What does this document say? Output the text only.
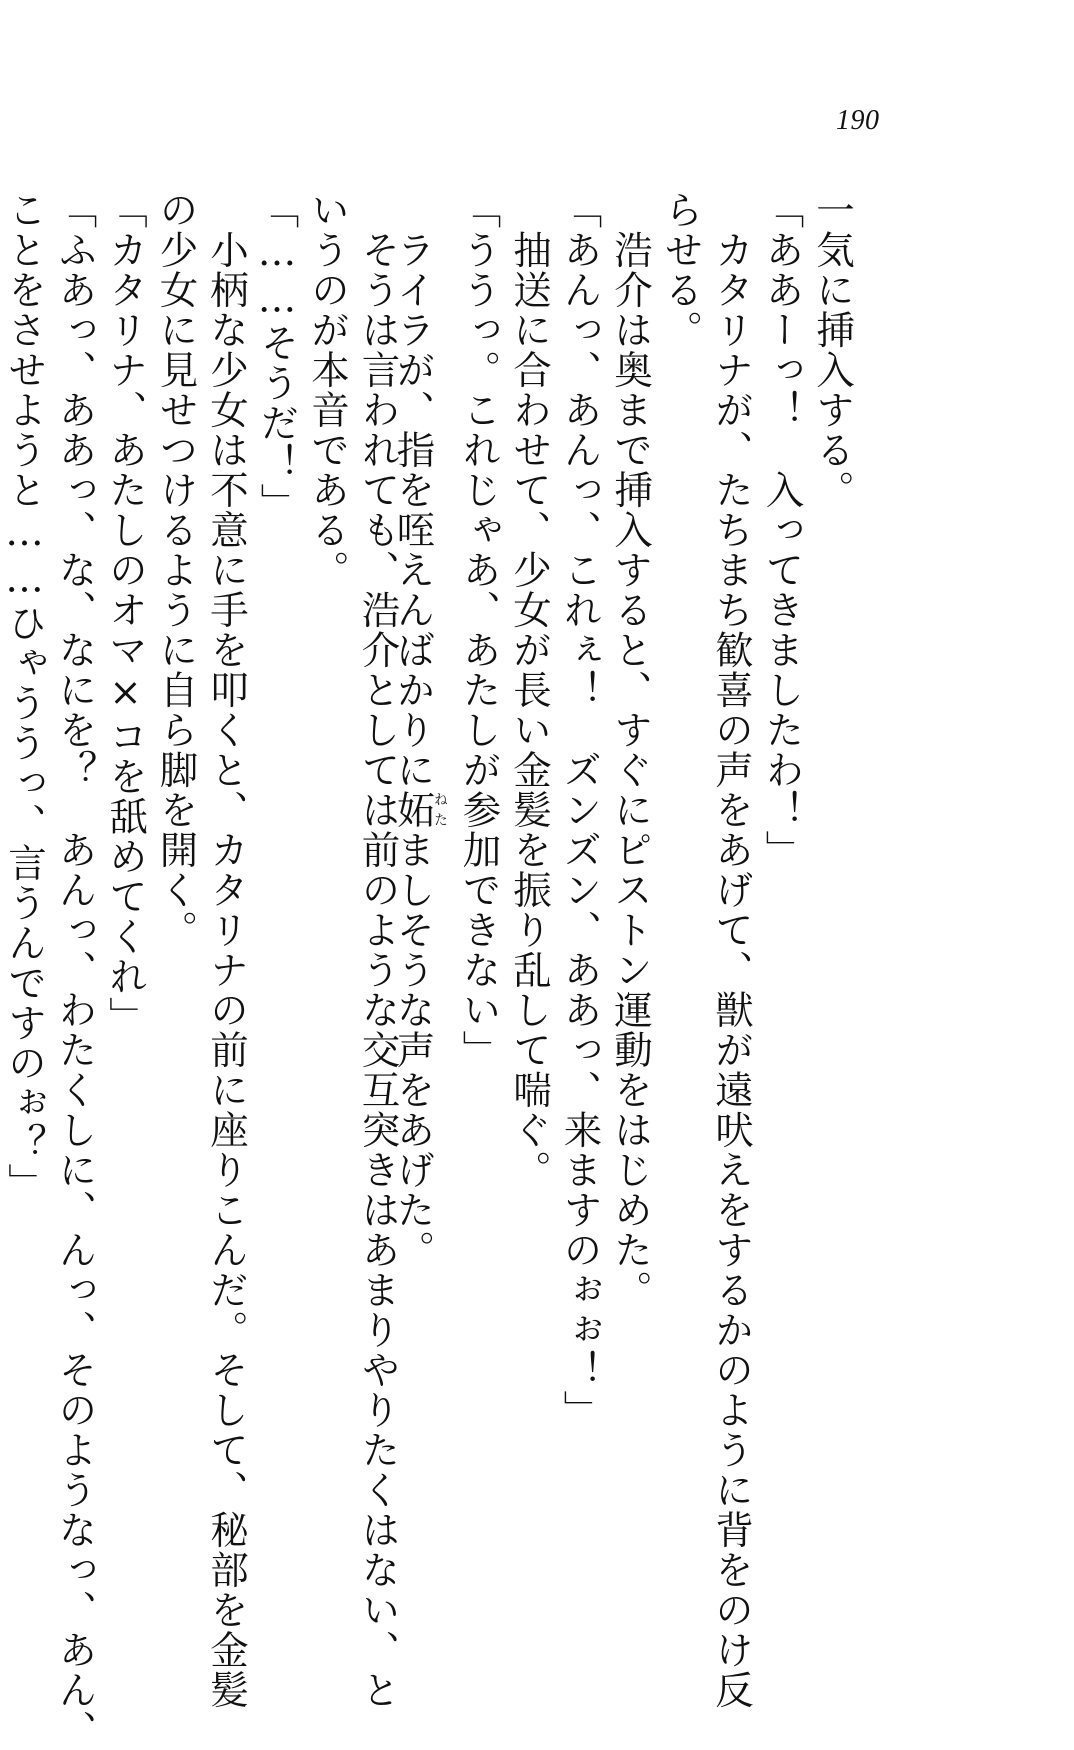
190
一気に挿入する。
「ああーっ！　入ってきましたわ！」
　カタリナが、たちまち歓喜の声をあげて、獣が遠吠えをするかのように背をのけ反
らせる。
　浩介は奥まで挿入すると、すぐにピストン運動をはじめた。
「あんっ、あんっ、これぇ！　ズンズン、ああっ、来ますのぉぉ！」
　抽送に合わせて、少女が長い金髪を振り乱して喘ぐ。
「ううっ。これじゃあ、あたしが参加できない」
　ライラが、指を咥えんばかりに妬ねたましそうな声をあげた。
　そうは言われても、浩介としては前のような交互突きはあまりやりたくはない、と
いうのが本音である。
「……そうだ！」
　小柄な少女は不意に手を叩くと、カタリナの前に座りこんだ。そして、秘部を金髪
の少女に見せつけるように自ら脚を開く。
「カタリナ、あたしのオマ×コを舐めてくれ」
「ふあっ、ああっ、な、なにを？　あんっ、わたくしに、んっ、そのようなっ、あん、
ことをさせようと……ひゃううっ、言うんですのぉ？」
